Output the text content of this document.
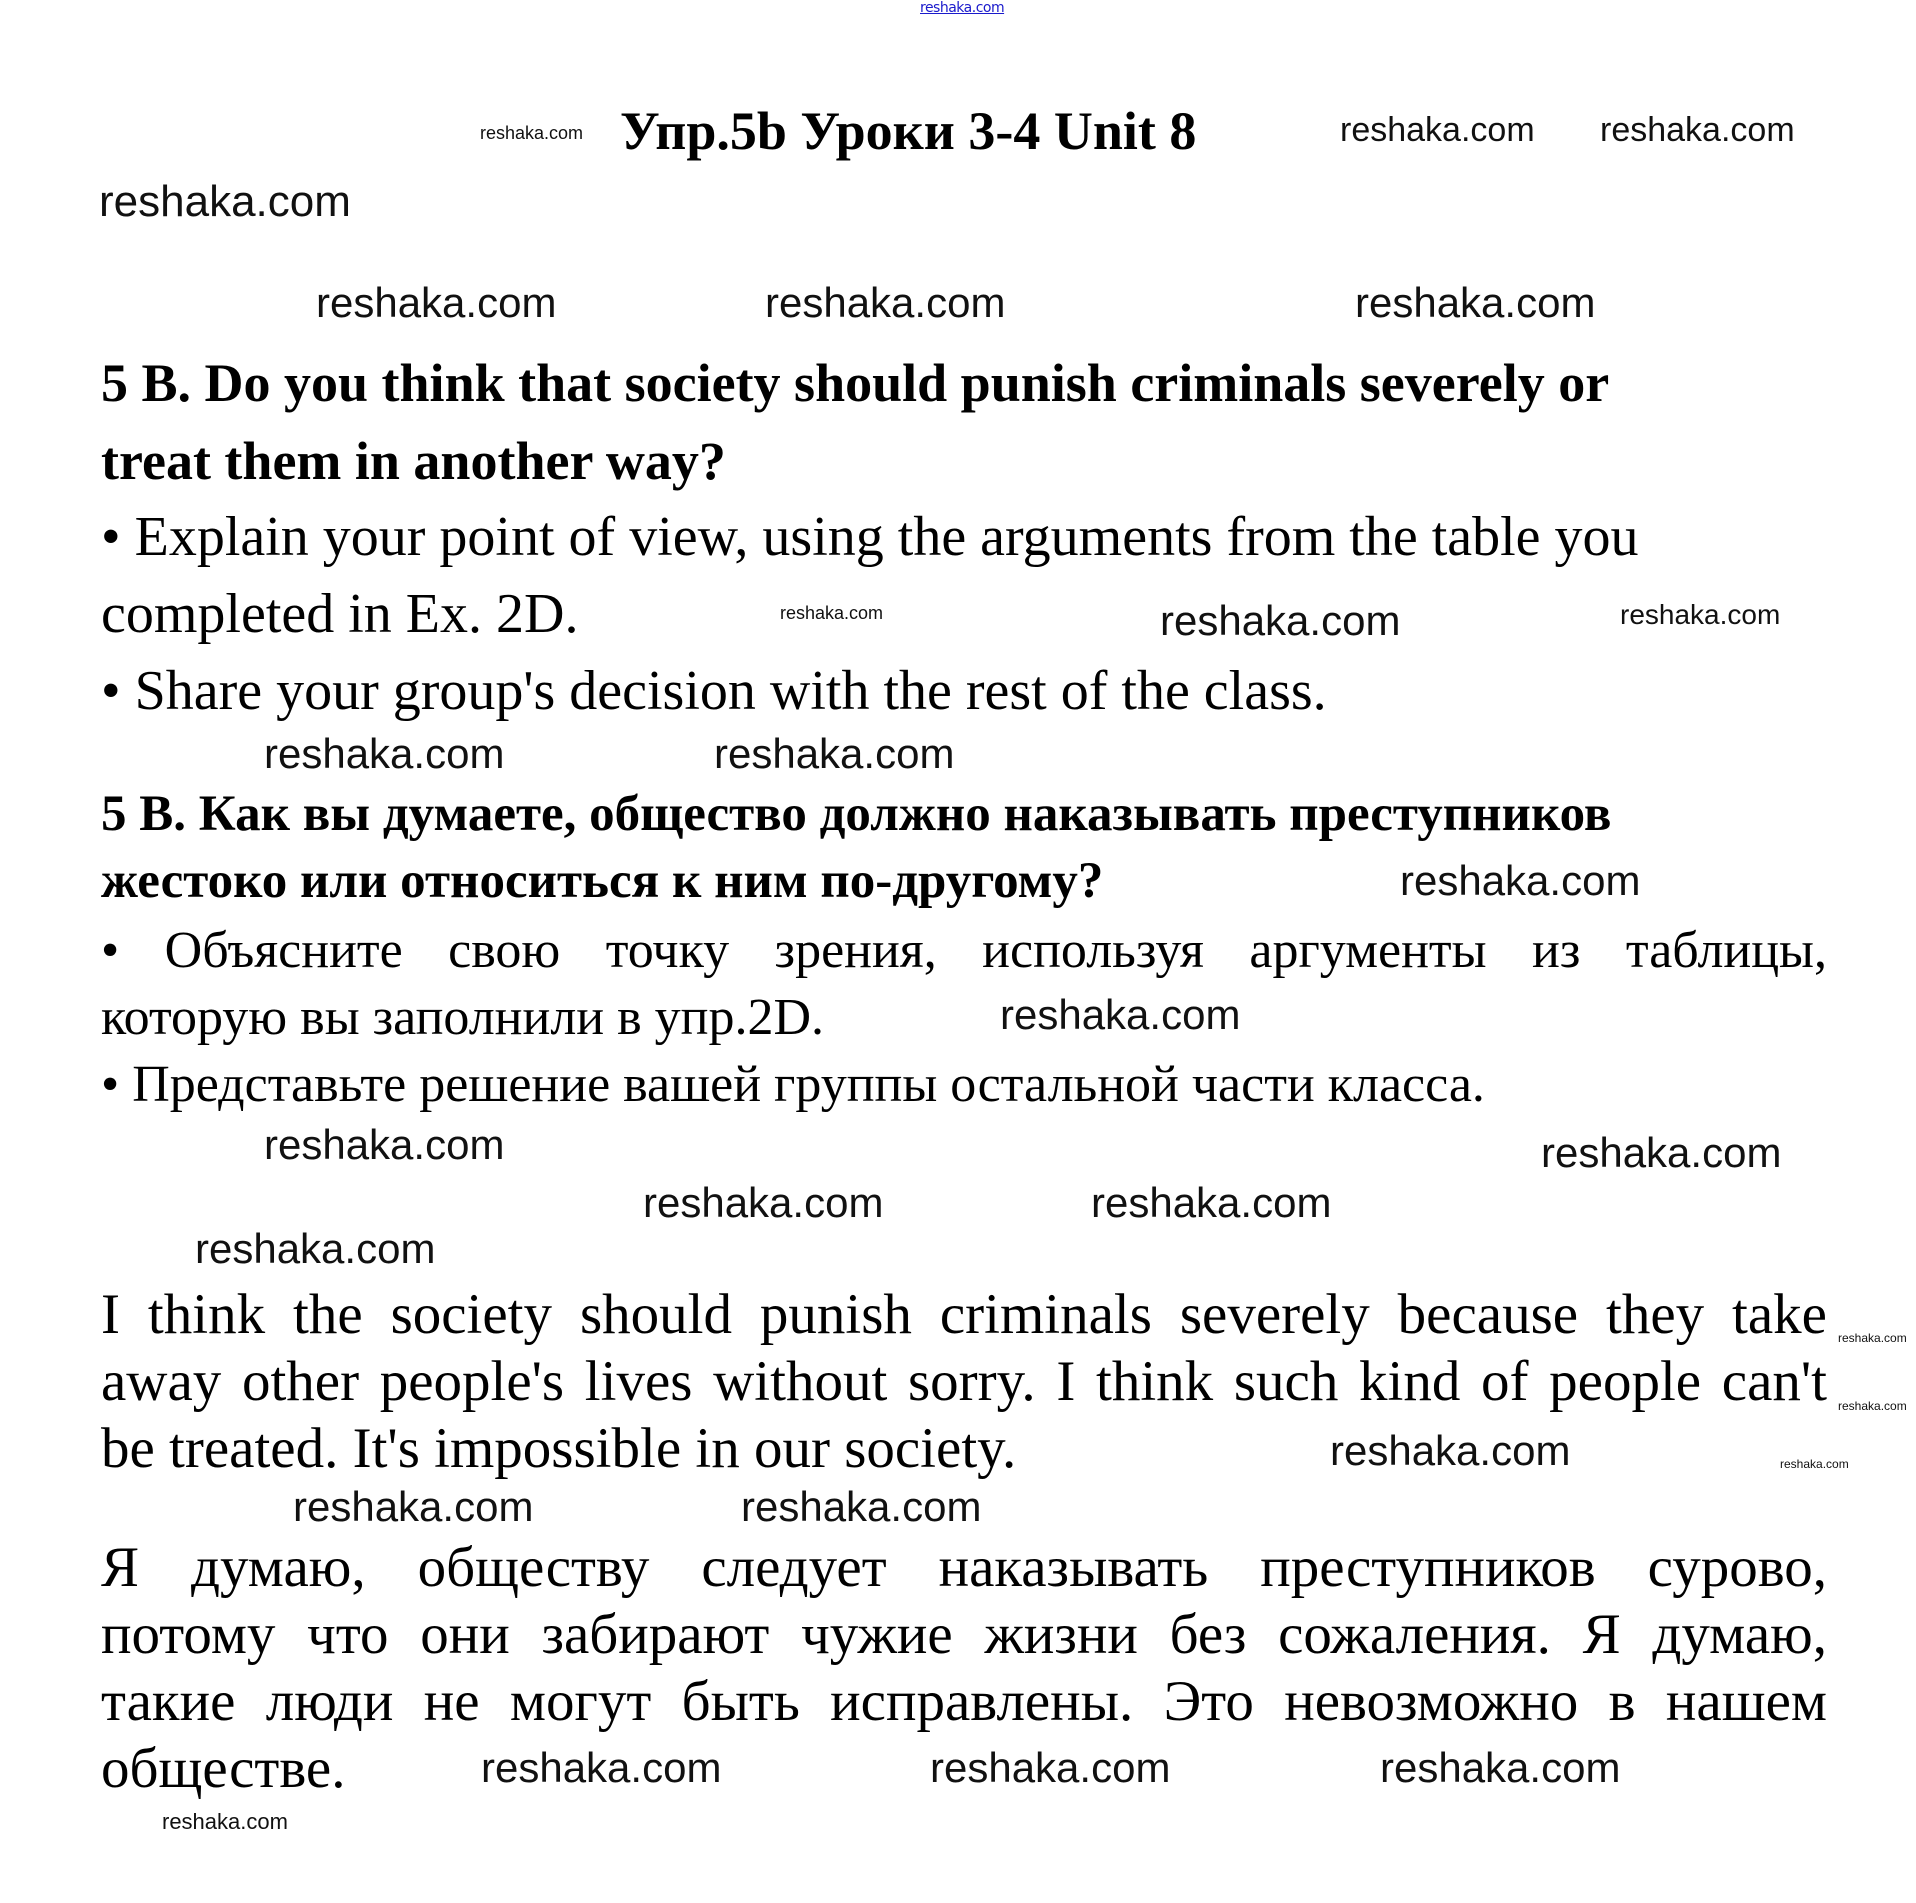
reshaka.com
Упр.5b Уроки 3-4 Unit 8
5 B. Do you think that society should punish criminals severely or
treat them in another way?
• Explain your point of view, using the arguments from the table you
completed in Ex. 2D.
• Share your group's decision with the rest of the class.
5 B. Как вы думаете, общество должно наказывать преступников
жестоко или относиться к ним по-другому?
• Объясните свою точку зрения, используя аргументы из таблицы,
которую вы заполнили в упр.2D.
• Представьте решение вашей группы остальной части класса.
I think the society should punish criminals severely because they take
away other people's lives without sorry. I think such kind of people can't
be treated. It's impossible in our society.
Я думаю, обществу следует наказывать преступников сурово,
потому что они забирают чужие жизни без сожаления. Я думаю,
такие люди не могут быть исправлены. Это невозможно в нашем
обществе.
reshaka.com	reshaka.com reshaka.com
reshaka.com
reshaka.com	reshaka.com
reshaka.com
reshaka.com	reshaka.com
reshaka.com
reshaka.com	reshaka.com
reshaka.com
reshaka.com
reshaka.com
reshaka.com
reshaka.com	reshaka.com
reshaka.com
reshaka.com
reshaka.com
reshaka.com
reshaka.com
reshaka.com	reshaka.com
reshaka.com
reshaka.com
reshaka.com	reshaka.com
